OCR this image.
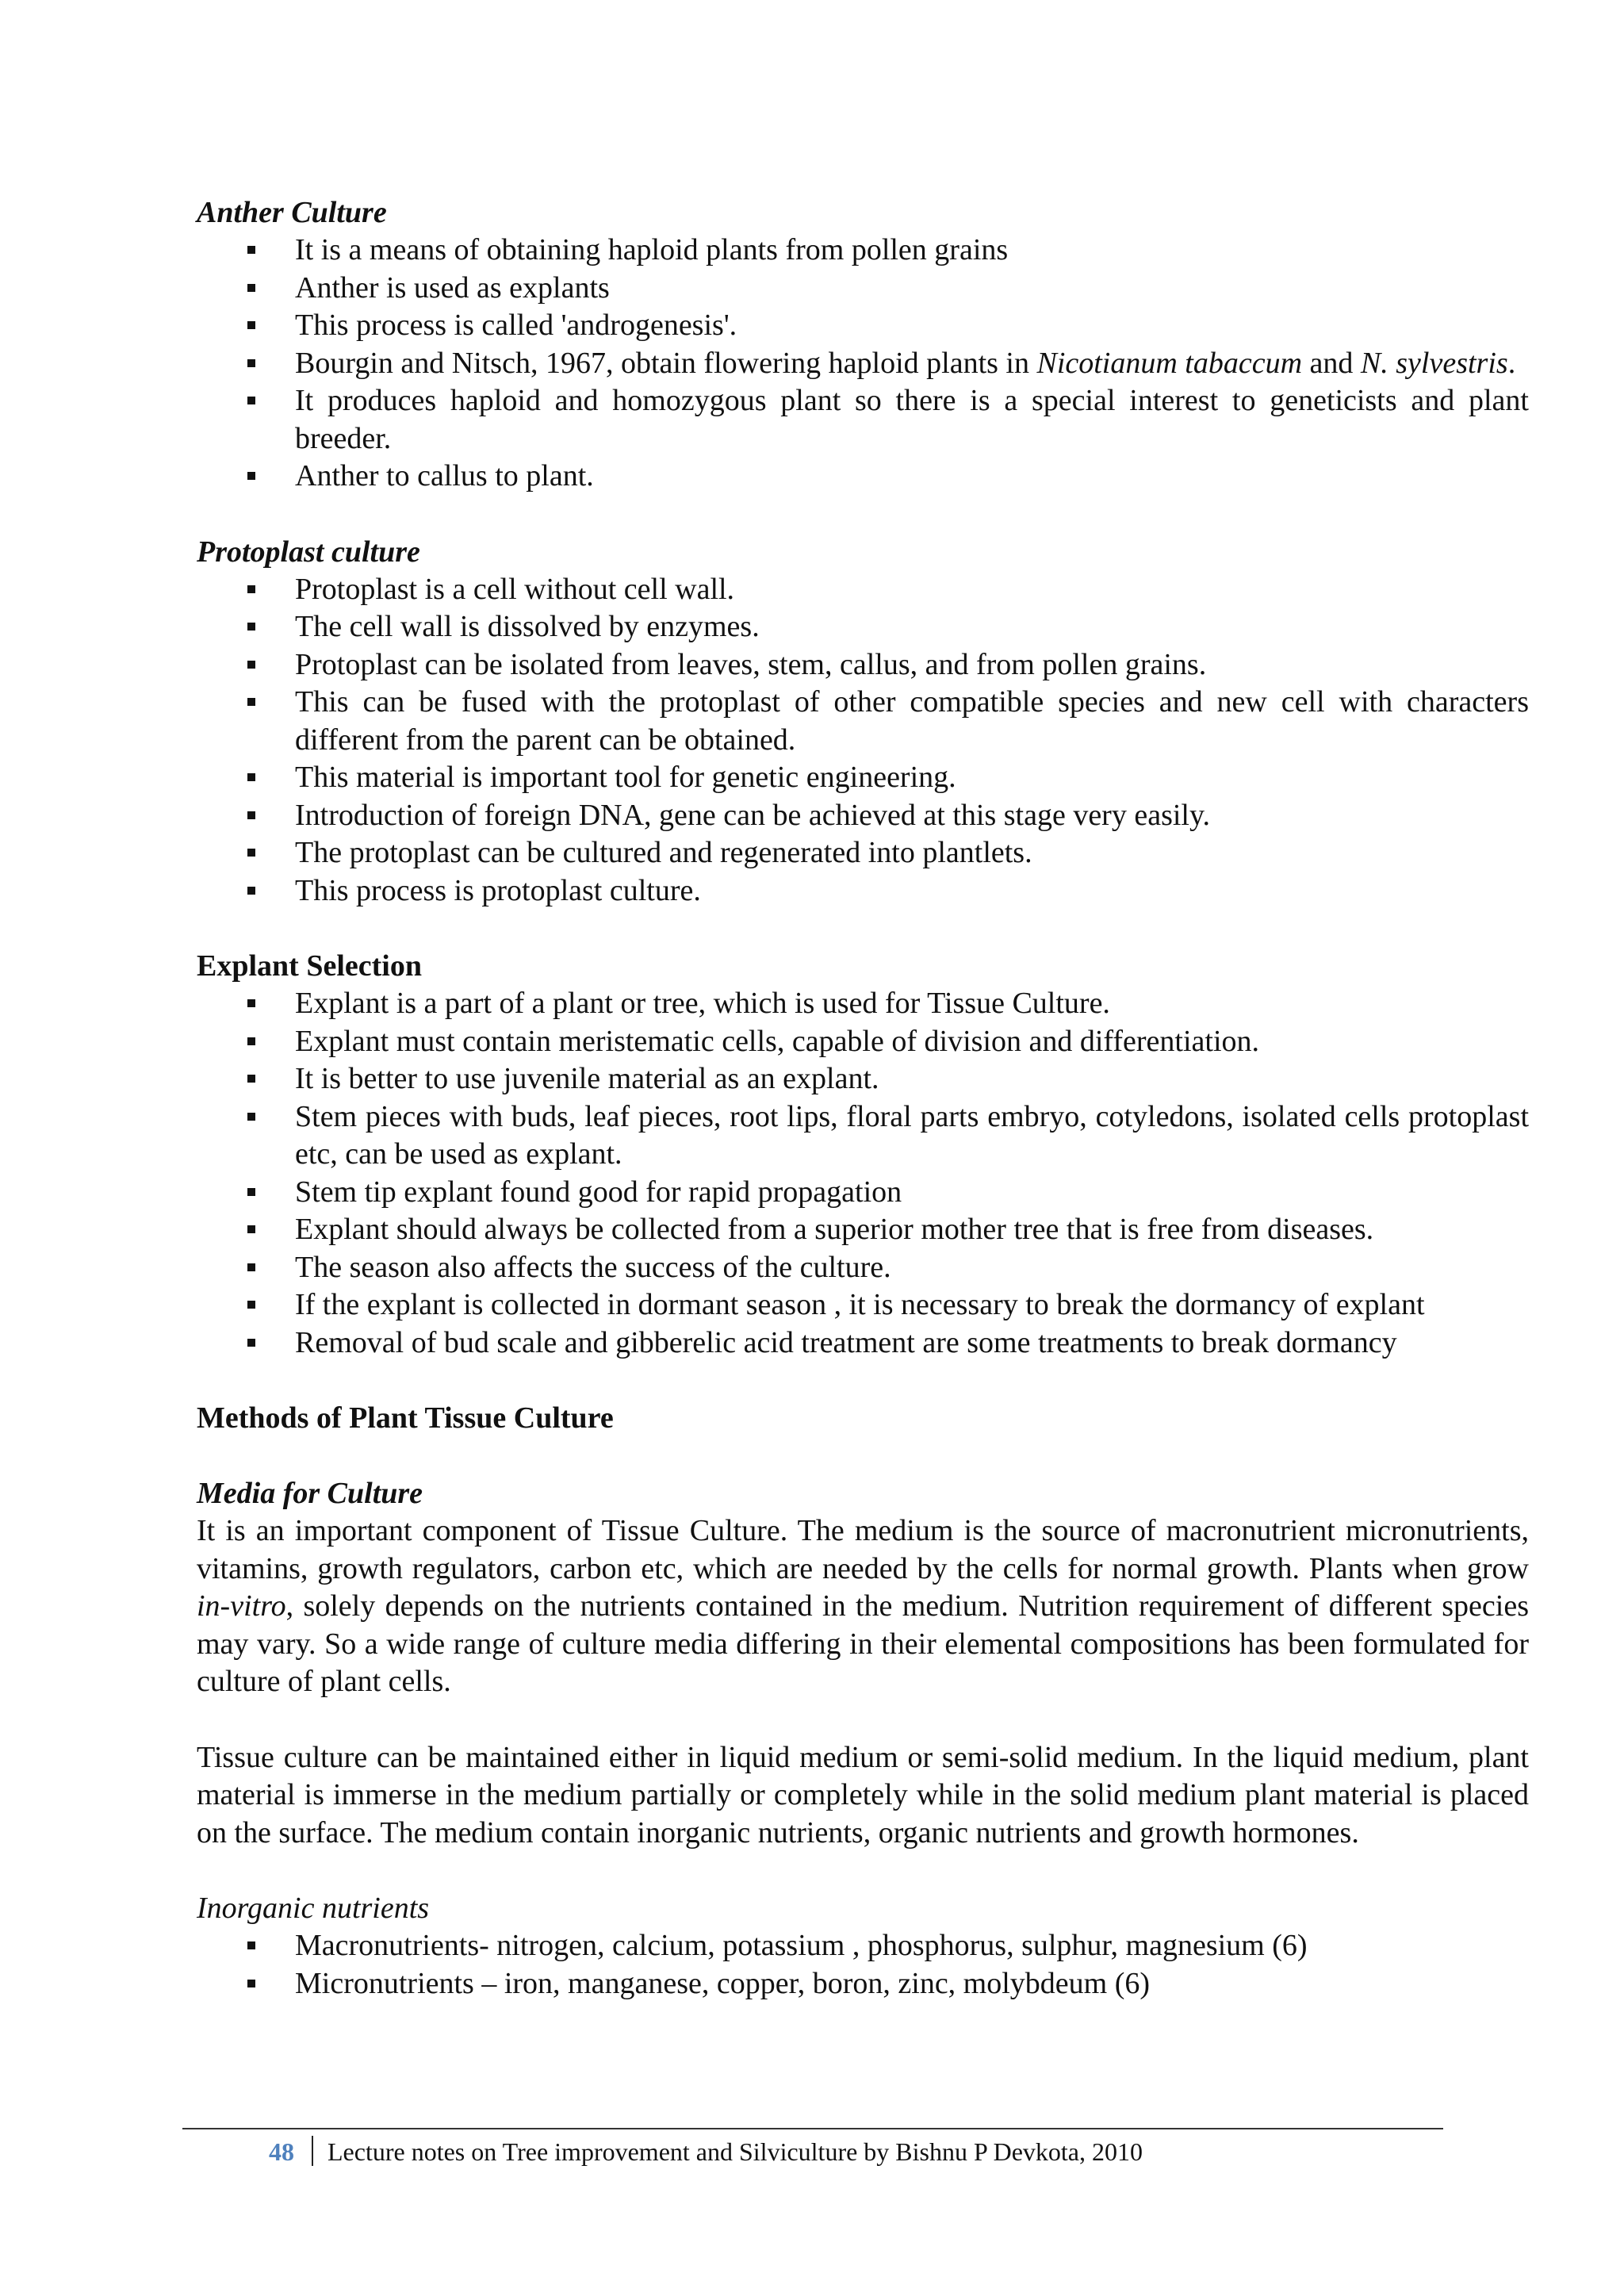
Anther Culture

It is a means of obtaining haploid plants from pollen grains
Anther is used as explants
This process is called 'androgenesis'.
Bourgin and Nitsch, 1967, obtain flowering haploid plants in Nicotianum tabaccum and N. sylvestris.
It produces haploid and homozygous plant so there is a special interest to geneticists and plant breeder.
Anther to callus to plant.

Protoplast culture

Protoplast is a cell without cell wall.
The cell wall is dissolved by enzymes.
Protoplast can be isolated from leaves, stem, callus, and from pollen grains.
This can be fused with the protoplast of other compatible species and new cell with characters different from the parent can be obtained.
This material is important tool for genetic engineering.
Introduction of foreign DNA, gene can be achieved at this stage very easily.
The protoplast can be cultured and regenerated into plantlets.
This process is protoplast culture.

Explant Selection

Explant is a part of a plant or tree, which is used for Tissue Culture.
Explant must contain meristematic cells, capable of division and differentiation.
It is better to use juvenile material as an explant.
Stem pieces with buds, leaf pieces, root lips, floral parts embryo, cotyledons, isolated cells protoplast etc, can be used as explant.
Stem tip explant found good for rapid propagation
Explant should always be collected from a superior mother tree that is free from diseases.
The season also affects the success of the culture.
If the explant is collected in dormant season , it is necessary to break the dormancy of explant
Removal of bud scale and gibberelic acid treatment are some treatments to break dormancy

Methods of Plant Tissue Culture

Media for Culture

It is an important component of Tissue Culture. The medium is the source of macronutrient micronutrients, vitamins, growth regulators, carbon etc, which are needed by the cells for normal growth. Plants when grow in-vitro, solely depends on the nutrients contained in the medium. Nutrition requirement of different species may vary. So a wide range of culture media differing in their elemental compositions has been formulated for culture of plant cells.

Tissue culture can be maintained either in liquid medium or semi-solid medium. In the liquid medium, plant material is immerse in the medium partially or completely while in the solid medium plant material is placed on the surface. The medium contain inorganic nutrients, organic nutrients and growth hormones.

Inorganic nutrients

Macronutrients- nitrogen, calcium, potassium , phosphorus, sulphur, magnesium (6)
Micronutrients – iron, manganese, copper, boron, zinc, molybdeum (6)
48 Lecture notes on Tree improvement and Silviculture by Bishnu P Devkota, 2010
